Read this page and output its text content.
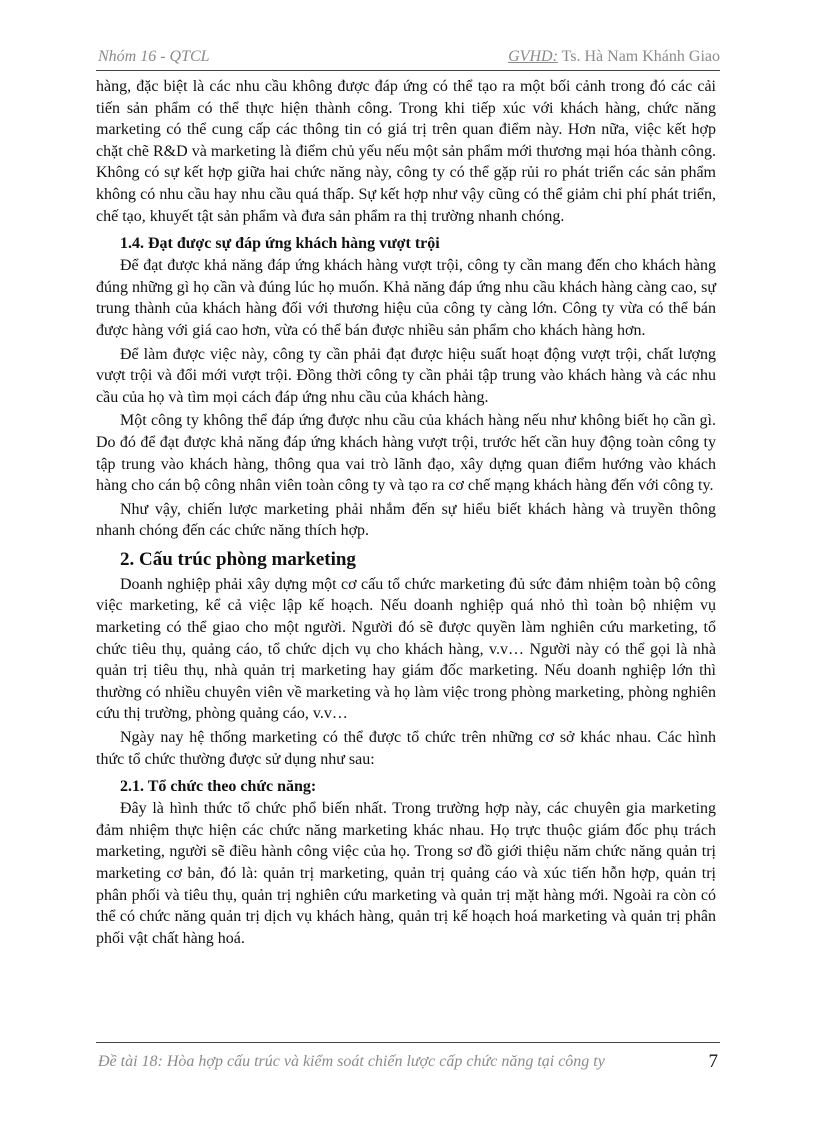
Nhóm 16 - QTCL	GVHD: Ts. Hà Nam Khánh Giao

hàng, đặc biệt là các nhu cầu không được đáp ứng có thể tạo ra một bối cảnh trong đó các cải tiến sản phẩm có thể thực hiện thành công. Trong khi tiếp xúc với khách hàng, chức năng marketing có thể cung cấp các thông tin có giá trị trên quan điểm này. Hơn nữa, việc kết hợp chặt chẽ R&D và marketing là điểm chủ yếu nếu một sản phẩm mới thương mại hóa thành công. Không có sự kết hợp giữa hai chức năng này, công ty có thể gặp rủi ro phát triển các sản phẩm không có nhu cầu hay nhu cầu quá thấp. Sự kết hợp như vậy cũng có thể giảm chi phí phát triển, chế tạo, khuyết tật sản phẩm và đưa sản phẩm ra thị trường nhanh chóng.

1.4. Đạt được sự đáp ứng khách hàng vượt trội

Để đạt được khả năng đáp ứng khách hàng vượt trội, công ty cần mang đến cho khách hàng đúng những gì họ cần và đúng lúc họ muốn. Khả năng đáp ứng nhu cầu khách hàng càng cao, sự trung thành của khách hàng đối với thương hiệu của công ty càng lớn. Công ty vừa có thể bán được hàng với giá cao hơn, vừa có thể bán được nhiều sản phẩm cho khách hàng hơn.

Để làm được việc này, công ty cần phải đạt được hiệu suất hoạt động vượt trội, chất lượng vượt trội và đổi mới vượt trội. Đồng thời công ty cần phải tập trung vào khách hàng và các nhu cầu của họ và tìm mọi cách đáp ứng nhu cầu của khách hàng.

Một công ty không thể đáp ứng được nhu cầu của khách hàng nếu như không biết họ cần gì. Do đó để đạt được khả năng đáp ứng khách hàng vượt trội, trước hết cần huy động toàn công ty tập trung vào khách hàng, thông qua vai trò lãnh đạo, xây dựng quan điểm hướng vào khách hàng cho cán bộ công nhân viên toàn công ty và tạo ra cơ chế mạng khách hàng đến với công ty.

Như vậy, chiến lược marketing phải nhắm đến sự hiểu biết khách hàng và truyền thông nhanh chóng đến các chức năng thích hợp.

2. Cấu trúc phòng marketing

Doanh nghiệp phải xây dựng một cơ cấu tổ chức marketing đủ sức đảm nhiệm toàn bộ công việc marketing, kể cả việc lập kế hoạch. Nếu doanh nghiệp quá nhỏ thì toàn bộ nhiệm vụ marketing có thể giao cho một người. Người đó sẽ được quyền làm nghiên cứu marketing, tổ chức tiêu thụ, quảng cáo, tổ chức dịch vụ cho khách hàng, v.v… Người này có thể gọi là nhà quản trị tiêu thụ, nhà quản trị marketing hay giám đốc marketing. Nếu doanh nghiệp lớn thì thường có nhiều chuyên viên về marketing và họ làm việc trong phòng marketing, phòng nghiên cứu thị trường, phòng quảng cáo, v.v…

Ngày nay hệ thống marketing có thể được tổ chức trên những cơ sở khác nhau. Các hình thức tổ chức thường được sử dụng như sau:

2.1. Tổ chức theo chức năng:

Đây là hình thức tổ chức phổ biến nhất. Trong trường hợp này, các chuyên gia marketing đảm nhiệm thực hiện các chức năng marketing khác nhau. Họ trực thuộc giám đốc phụ trách marketing, người sẽ điều hành công việc của họ. Trong sơ đồ giới thiệu năm chức năng quản trị marketing cơ bản, đó là: quản trị marketing, quản trị quảng cáo và xúc tiến hỗn hợp, quản trị phân phối và tiêu thụ, quản trị nghiên cứu marketing và quản trị mặt hàng mới. Ngoài ra còn có thể có chức năng quản trị dịch vụ khách hàng, quản trị kế hoạch hoá marketing và quản trị phân phối vật chất hàng hoá.

Đề tài 18: Hòa hợp cấu trúc và kiểm soát chiến lược cấp chức năng tại công ty	7
